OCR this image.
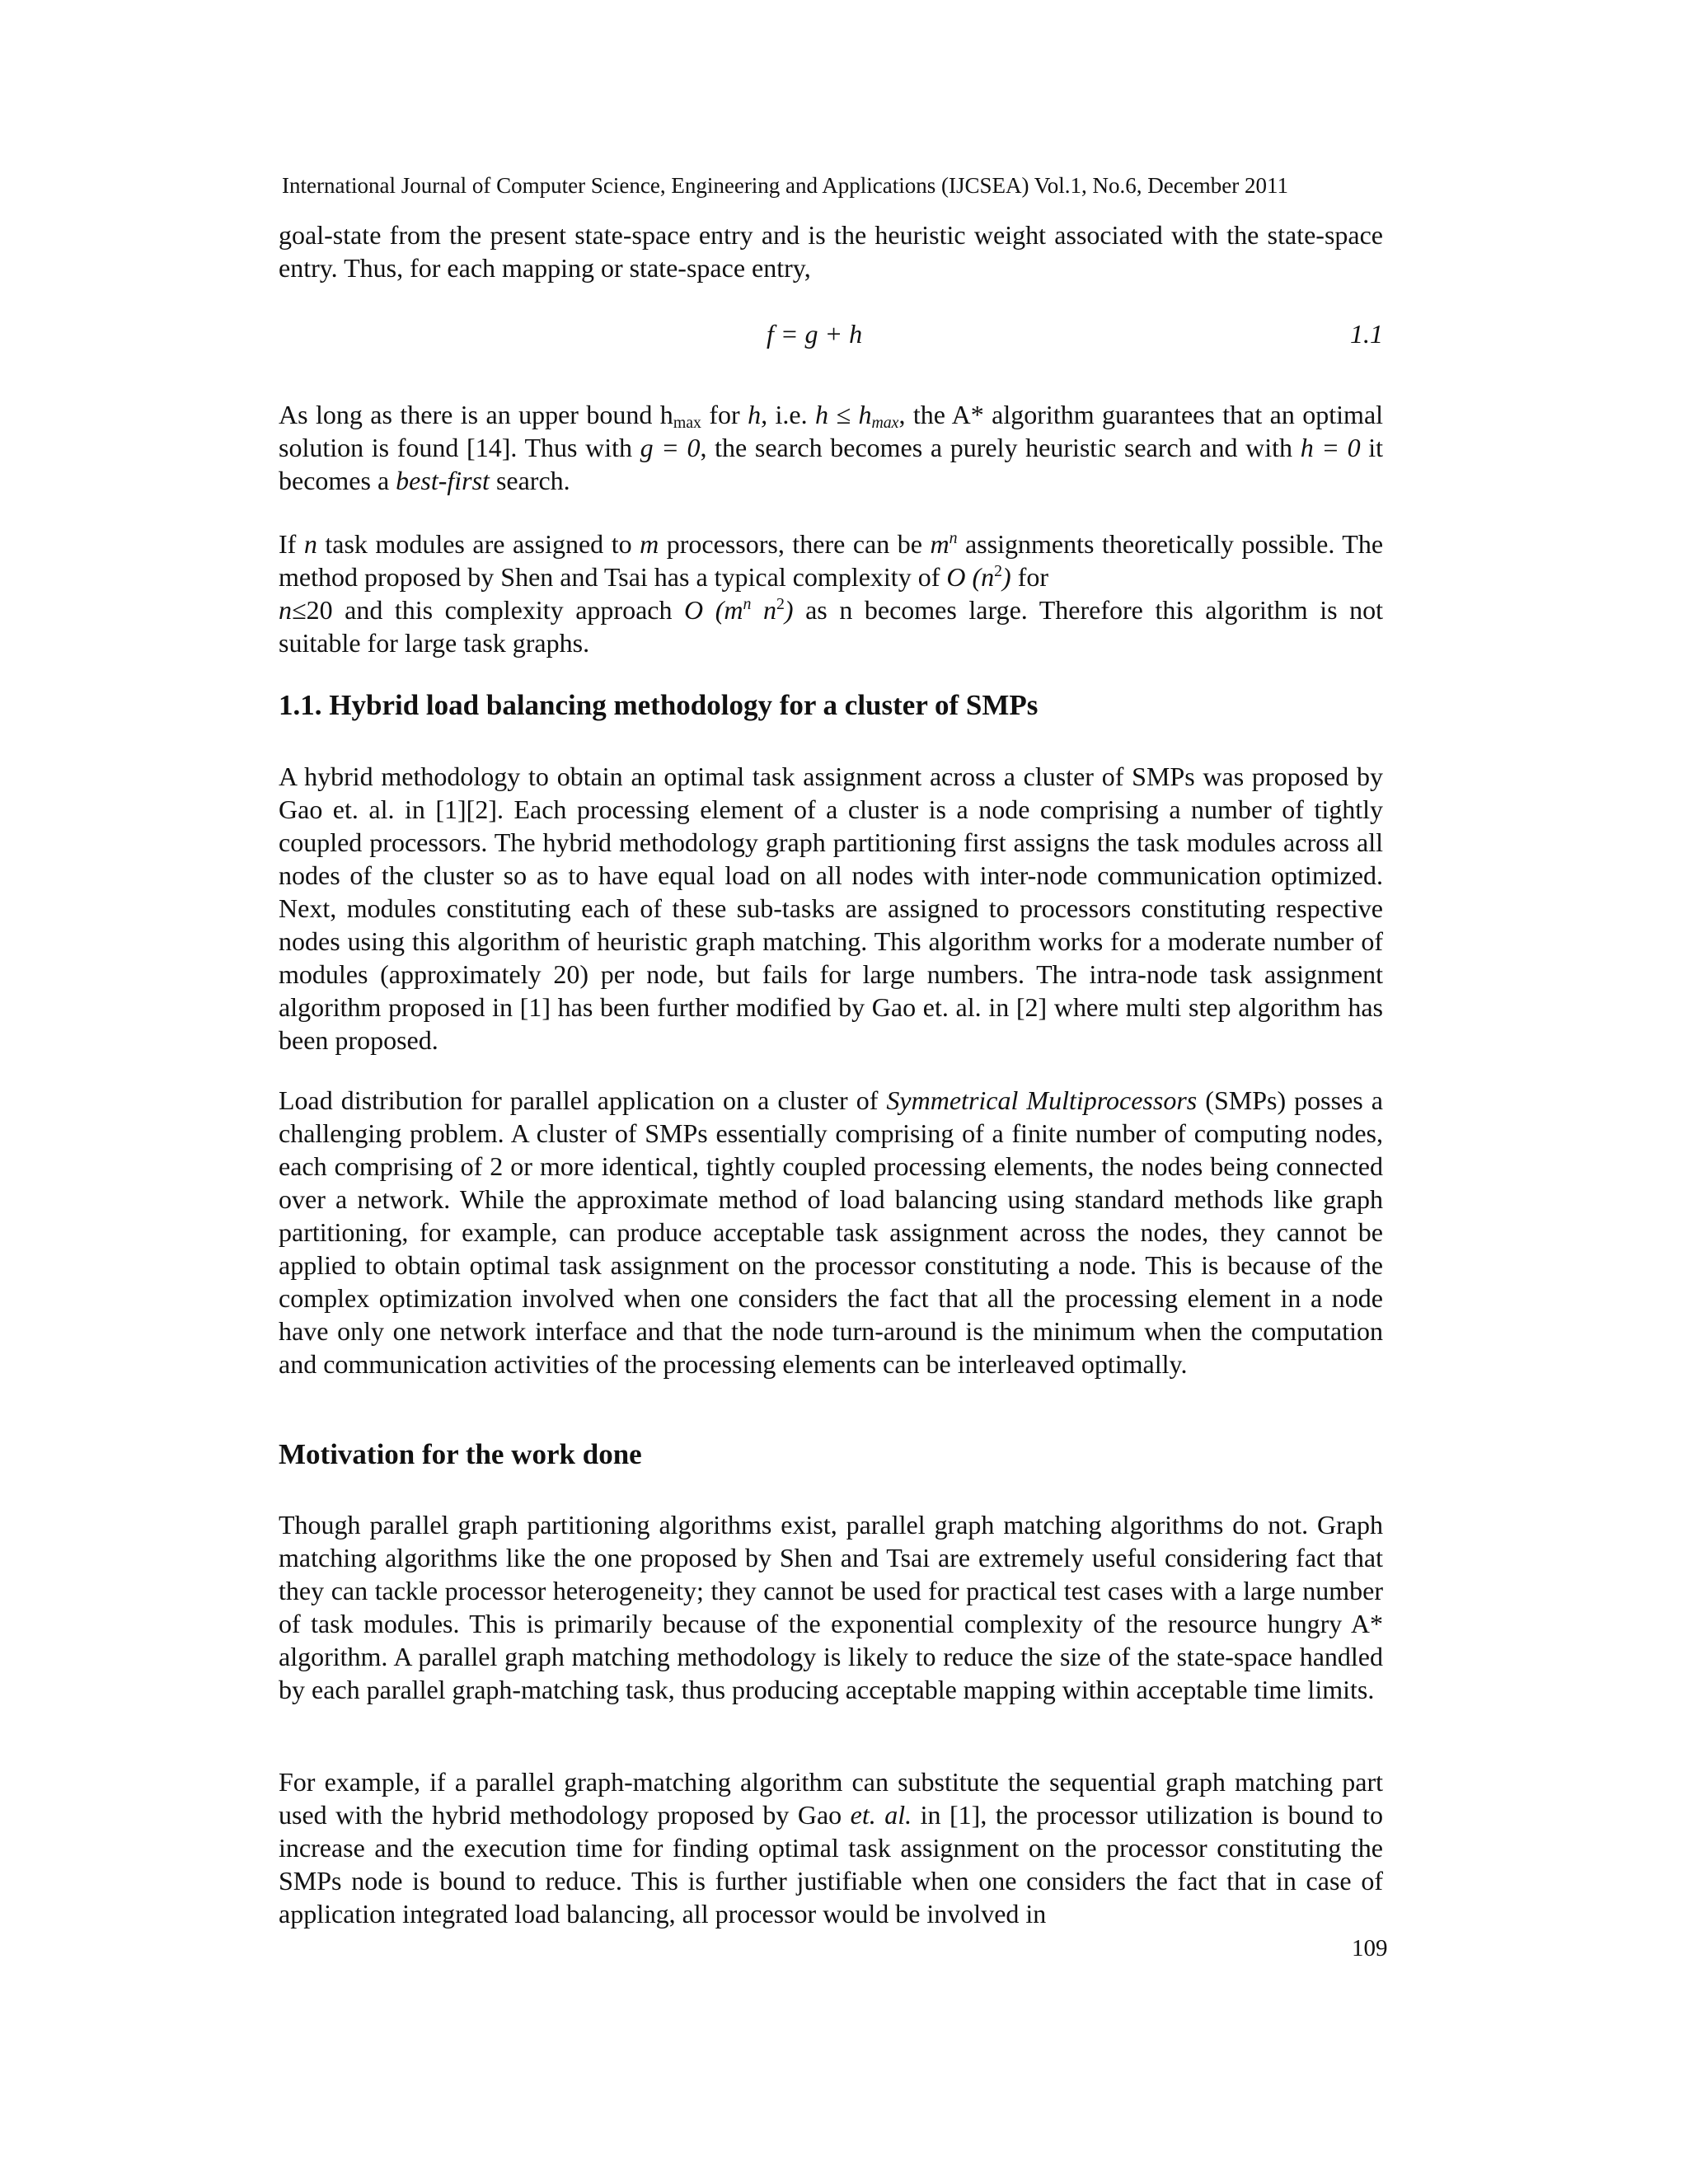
International Journal of Computer Science, Engineering and Applications (IJCSEA) Vol.1, No.6, December 2011

goal-state from the present state-space entry and is the heuristic weight associated with the state-space entry. Thus, for each mapping or state-space entry,

f = g + h	1.1

As long as there is an upper bound $h_{max}$ for h, i.e. $h \le h_{max}$, the A* algorithm guarantees that an optimal solution is found [14]. Thus with g = 0, the search becomes a purely heuristic search and with h = 0 it becomes a best-first search.

If n task modules are assigned to m processors, there can be $m^n$ assignments theoretically possible. The method proposed by Shen and Tsai has a typical complexity of O $(n^2)$ for
n≤20 and this complexity approach O ($m^n$ $n^2$) as n becomes large. Therefore this algorithm is not suitable for large task graphs.

1.1. Hybrid load balancing methodology for a cluster of SMPs

A hybrid methodology to obtain an optimal task assignment across a cluster of SMPs was proposed by Gao et. al. in [1][2]. Each processing element of a cluster is a node comprising a number of tightly coupled processors. The hybrid methodology graph partitioning first assigns the task modules across all nodes of the cluster so as to have equal load on all nodes with inter-node communication optimized. Next, modules constituting each of these sub-tasks are assigned to processors constituting respective nodes using this algorithm of heuristic graph matching. This algorithm works for a moderate number of modules (approximately 20) per node, but fails for large numbers. The intra-node task assignment algorithm proposed in [1] has been further modified by Gao et. al. in [2] where multi step algorithm has been proposed.

Load distribution for parallel application on a cluster of Symmetrical Multiprocessors (SMPs) posses a challenging problem. A cluster of SMPs essentially comprising of a finite number of computing nodes, each comprising of 2 or more identical, tightly coupled processing elements, the nodes being connected over a network. While the approximate method of load balancing using standard methods like graph partitioning, for example, can produce acceptable task assignment across the nodes, they cannot be applied to obtain optimal task assignment on the processor constituting a node. This is because of the complex optimization involved when one considers the fact that all the processing element in a node have only one network interface and that the node turn-around is the minimum when the computation and communication activities of the processing elements can be interleaved optimally.

Motivation for the work done

Though parallel graph partitioning algorithms exist, parallel graph matching algorithms do not. Graph matching algorithms like the one proposed by Shen and Tsai are extremely useful considering fact that they can tackle processor heterogeneity; they cannot be used for practical test cases with a large number of task modules. This is primarily because of the exponential complexity of the resource hungry A* algorithm. A parallel graph matching methodology is likely to reduce the size of the state-space handled by each parallel graph-matching task, thus producing acceptable mapping within acceptable time limits.

For example, if a parallel graph-matching algorithm can substitute the sequential graph matching part used with the hybrid methodology proposed by Gao et. al. in [1], the processor utilization is bound to increase and the execution time for finding optimal task assignment on the processor constituting the SMPs node is bound to reduce. This is further justifiable when one considers the fact that in case of application integrated load balancing, all processor would be involved in

109
